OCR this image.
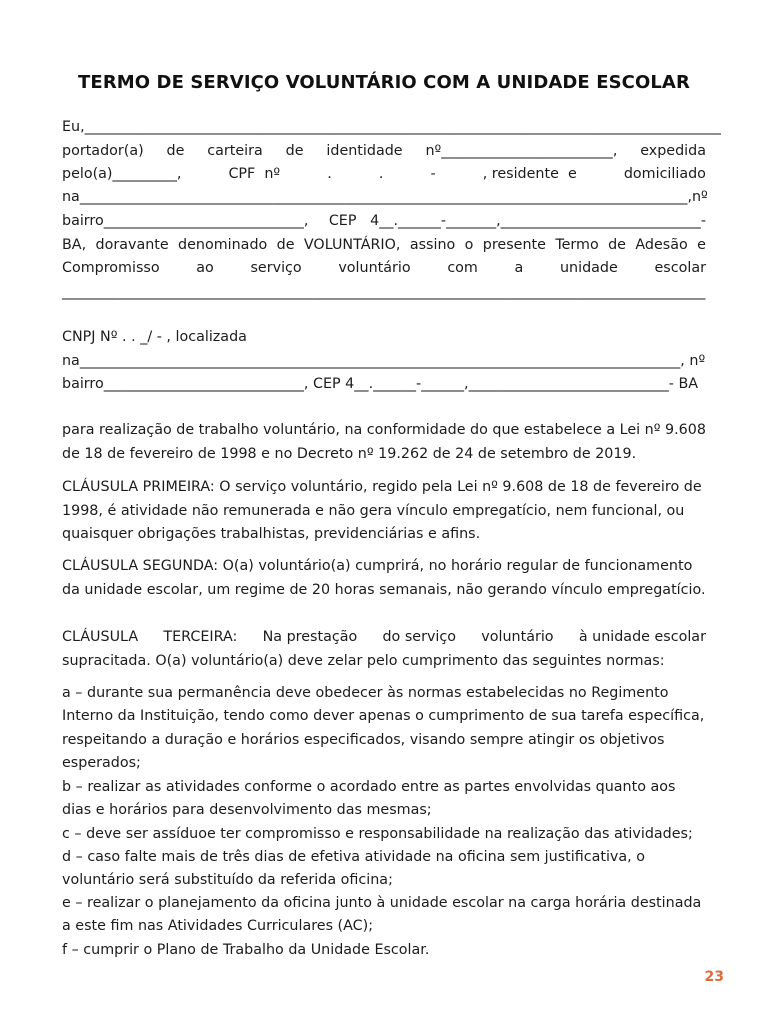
TERMO DE SERVIÇO VOLUNTÁRIO COM A UNIDADE ESCOLAR
Eu,_________________________________________________________________________________________
portador(a) de carteira de identidade nº________________________, expedida
pelo(a)_________,	CPF  nº	.	.	-	, residente  e	domiciliado
na_____________________________________________________________________________________,nº
bairro____________________________, CEP   4__.______-_______,____________________________-
BA, doravante denominado de VOLUNTÁRIO, assino o presente Termo de Adesão e
Compromisso	ao	serviço	voluntário	com	a	unidade	escolar
__________________________________________________________________________________________
CNPJ Nº . . _/ - , localizada
na____________________________________________________________________________________, nº
bairro____________________________, CEP 4__.______-______,____________________________- BA
para realização de trabalho voluntário, na conformidade do que estabelece a Lei nº 9.608
de 18 de fevereiro de 1998 e no Decreto nº 19.262 de 24 de setembro de 2019.
CLÁUSULA PRIMEIRA: O serviço voluntário, regido pela Lei nº 9.608 de 18 de fevereiro de
1998, é atividade não remunerada e não gera vínculo empregatício, nem funcional, ou
quaisquer obrigações trabalhistas, previdenciárias e afins.
CLÁUSULA SEGUNDA: O(a) voluntário(a) cumprirá, no horário regular de funcionamento
da unidade escolar, um regime de 20 horas semanais, não gerando vínculo empregatício.
CLÁUSULA TERCEIRA: Na prestação do serviço voluntário à unidade escolar
supracitada. O(a) voluntário(a) deve zelar pelo cumprimento das seguintes normas:
a – durante sua permanência deve obedecer às normas estabelecidas no Regimento
Interno da Instituição, tendo como dever apenas o cumprimento de sua tarefa específica,
respeitando a duração e horários especificados, visando sempre atingir os objetivos
esperados;
b – realizar as atividades conforme o acordado entre as partes envolvidas quanto aos
dias e horários para desenvolvimento das mesmas;
c – deve ser assíduoe ter compromisso e responsabilidade na realização das atividades;
d – caso falte mais de três dias de efetiva atividade na oficina sem justificativa, o
voluntário será substituído da referida oficina;
e – realizar o planejamento da oficina junto à unidade escolar na carga horária destinada
a este fim nas Atividades Curriculares (AC);
f – cumprir o Plano de Trabalho da Unidade Escolar.
23
